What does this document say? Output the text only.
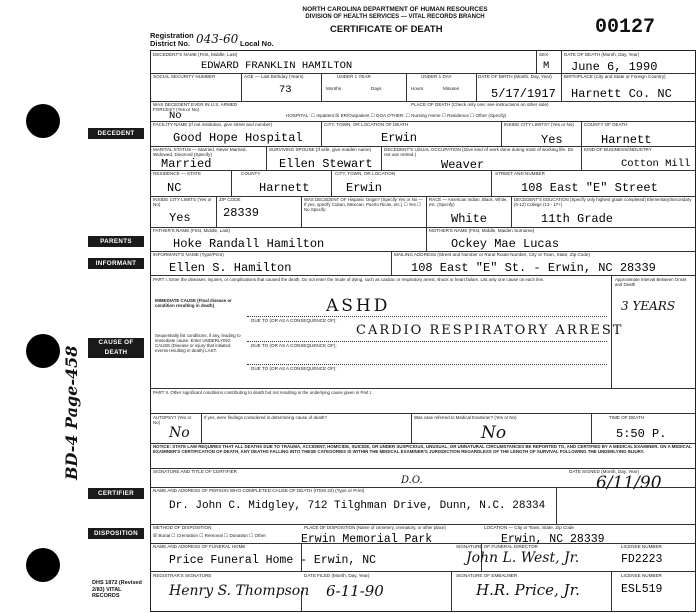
NORTH CAROLINA DEPARTMENT OF HUMAN RESOURCES
DIVISION OF HEALTH SERVICES — VITAL RECORDS BRANCH
CERTIFICATE OF DEATH	00127
Registration
District No. 043-60 Local No.
DECEDENT
PARENTS
INFORMANT
CAUSE OF DEATH
CERTIFIER
DISPOSITION
BD-4 Page-458
DECEDENT'S NAME (First, Middle, Last)
EDWARD FRANKLIN HAMILTON
SEX
M
DATE OF DEATH (Month, Day, Year)
June 6, 1990
SOCIAL SECURITY NUMBER	AGE — Last Birthday (Years)
73
UNDER 1 YEAR
Months	Days
UNDER 1 DAY
Hours	Minutes
DATE OF BIRTH (Month, Day, Year)
5/17/1917
BIRTHPLACE (City and State or Foreign Country)
Harnett Co. NC
WAS DECEDENT EVER IN U.S. ARMED FORCES? (Yes or No)
No
PLACE OF DEATH (Check only one; see instructions on other side)
HOSPITAL: ☐ Inpatient ☒ ER/Outpatient ☐ DOA OTHER: ☐ Nursing Home ☐ Residence ☐ Other (Specify)
FACILITY NAME (If not institution, give street and number)
Good Hope Hospital
CITY, TOWN, OR LOCATION OF DEATH
Erwin
INSIDE CITY LIMITS? (Yes or No)
Yes
COUNTY OF DEATH
Harnett
MARITAL STATUS — Married, Never Married, Widowed, Divorced (Specify)
Married
SURVIVING SPOUSE (If wife, give maiden name)
Ellen Stewart
DECEDENT'S USUAL OCCUPATION (Give kind of work done during most of working life. Do not use retired.)
Weaver
KIND OF BUSINESS/INDUSTRY
Cotton Mill
RESIDENCE — STATE
NC
COUNTY
Harnett
CITY, TOWN, OR LOCATION
Erwin
STREET AND NUMBER
108 East "E" Street
INSIDE CITY LIMITS (Yes or No)
Yes
ZIP CODE
28339
WAS DECEDENT OF Hispanic Origin? (Specify Yes or No — If yes, specify Cuban, Mexican, Puerto Rican, etc.) ☐ Yes ☐ No Specify:
RACE — American Indian, Black, White, etc. (Specify)
White
DECEDENT'S EDUCATION (Specify only highest grade completed) Elementary/Secondary (0-12) College (13 - 17+)
11th Grade
FATHER'S NAME (First, Middle, Last)
Hoke Randall Hamilton
MOTHER'S NAME (First, Middle, Maiden Surname)
Ockey Mae Lucas
INFORMANT'S NAME (Type/Print)
Ellen S. Hamilton
MAILING ADDRESS (Street and Number or Rural Route Number, City or Town, State, Zip Code)
108 East "E" St. - Erwin, NC 28339
PART I. Enter the diseases, injuries, or complications that caused the death. Do not enter the mode of dying, such as cardiac or respiratory arrest, shock or heart failure. List only one cause on each line.	Approximate Interval Between Onset and Death
3 YEARS
IMMEDIATE CAUSE (Final disease or condition resulting in death)	ASHD
DUE TO (OR AS A CONSEQUENCE OF):
CARDIO RESPIRATORY ARREST
Sequentially list conditions, if any, leading to immediate cause. Enter UNDERLYING CAUSE (Disease or injury that initiated events resulting in death) LAST.
DUE TO (OR AS A CONSEQUENCE OF):
DUE TO (OR AS A CONSEQUENCE OF):
PART II. Other significant conditions contributing to death but not resulting in the underlying cause given in Part I.
AUTOPSY? (Yes or No)
No
If yes, were findings considered in determining cause of death?	Was case referred to Medical Examiner? (Yes or No)
No
TIME OF DEATH
5:50 P.
NOTICE: STATE LAW REQUIRES THAT ALL DEATHS DUE TO TRAUMA, ACCIDENT, HOMICIDE, SUICIDE, OR UNDER SUSPICIOUS, UNUSUAL, OR UNNATURAL CIRCUMSTANCES BE REPORTED TO, AND CERTIFIED BY A MEDICAL EXAMINER. ON A MEDICAL EXAMINER'S CERTIFICATION OF DEATH, ANY DEATHS FALLING INTO THESE CATEGORIES IS WITHIN THE MEDICAL EXAMINER'S JURISDICTION REGARDLESS OF THE LENGTH OF SURVIVAL FOLLOWING THE UNDERLYING INJURY.
SIGNATURE AND TITLE OF CERTIFIER
D.O.
DATE SIGNED (Month, Day, Year)
6/11/90
NAME AND ADDRESS OF PERSON WHO COMPLETED CAUSE OF DEATH (ITEM 23) (Type or Print)
Dr. John C. Midgley, 712 Tilghman Drive, Dunn, N.C. 28334
METHOD OF DISPOSITION
☒ Burial ☐ Cremation ☐ Removal ☐ Donation ☐ Other
PLACE OF DISPOSITION (Name of cemetery, crematory, or other place)
Erwin Memorial Park
LOCATION — City or Town, State, Zip Code
Erwin, NC 28339
NAME AND ADDRESS OF FUNERAL HOME
Price Funeral Home - Erwin, NC
SIGNATURE OF FUNERAL DIRECTOR
John L. West, Jr.
LICENSE NUMBER
FD2223
REGISTRAR'S SIGNATURE
Henry S. Thompson
DATE FILED (Month, Day, Year)
6-11-90
SIGNATURE OF EMBALMER
H.R. Price, Jr.
LICENSE NUMBER
ESL519
DHS 1872 (Revised 2/83) VITAL RECORDS
